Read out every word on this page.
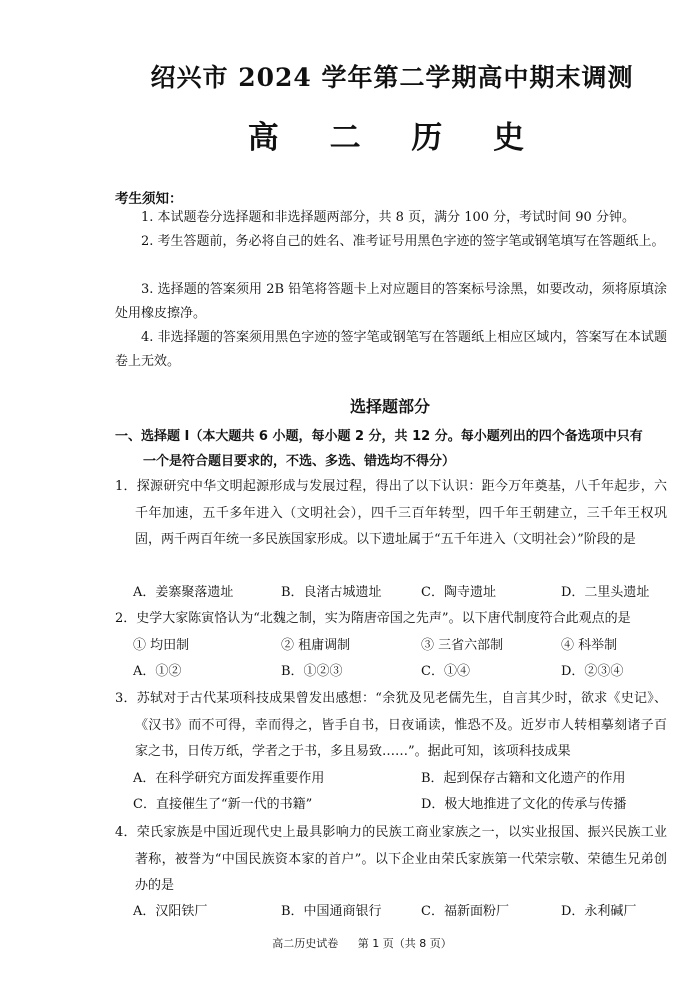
绍兴市 2024 学年第二学期高中期末调测
高 二 历 史
考生须知：

1. 本试题卷分选择题和非选择题两部分，共 8 页，满分 100 分，考试时间 90 分钟。

2. 考生答题前，务必将自己的姓名、准考证号用黑色字迹的签字笔或钢笔填写在答题纸上。

3. 选择题的答案须用 2B 铅笔将答题卡上对应题目的答案标号涂黑，如要改动，须将原填涂处用橡皮擦净。

4. 非选择题的答案须用黑色字迹的签字笔或钢笔写在答题纸上相应区域内，答案写在本试题卷上无效。

选择题部分
一、选择题 I（本大题共 6 小题，每小题 2 分，共 12 分。每小题列出的四个备选项中只有
一个是符合题目要求的，不选、多选、错选均不得分）
1．探源研究中华文明起源形成与发展过程，得出了以下认识：距今万年奠基，八千年起步，六千年加速，五千多年进入（文明社会），四千三百年转型，四千年王朝建立，三千年王权巩固，两千两百年统一多民族国家形成。以下遗址属于“五千年进入（文明社会）”阶段的是
A．姜寨聚落遗址	B．良渚古城遗址	C．陶寺遗址	D．二里头遗址
2．史学大家陈寅恪认为“北魏之制，实为隋唐帝国之先声”。以下唐代制度符合此观点的是
① 均田制	② 租庸调制	③ 三省六部制	④ 科举制
A．①②	B．①②③	C．①④	D．②③④
3．苏轼对于古代某项科技成果曾发出感想：“余犹及见老儒先生，自言其少时，欲求《史记》、《汉书》而不可得，幸而得之，皆手自书，日夜诵读，惟恐不及。近岁市人转相摹刻诸子百家之书，日传万纸，学者之于书，多且易致……”。据此可知，该项科技成果
A．在科学研究方面发挥重要作用	B．起到保存古籍和文化遗产的作用
C．直接催生了“新一代的书籍”	D．极大地推进了文化的传承与传播
4．荣氏家族是中国近现代史上最具影响力的民族工商业家族之一，以实业报国、振兴民族工业著称，被誉为“中国民族资本家的首户”。以下企业由荣氏家族第一代荣宗敬、荣德生兄弟创办的是
A．汉阳铁厂	B．中国通商银行	C．福新面粉厂	D．永利碱厂
高二历史试卷 第 1 页（共 8 页）
